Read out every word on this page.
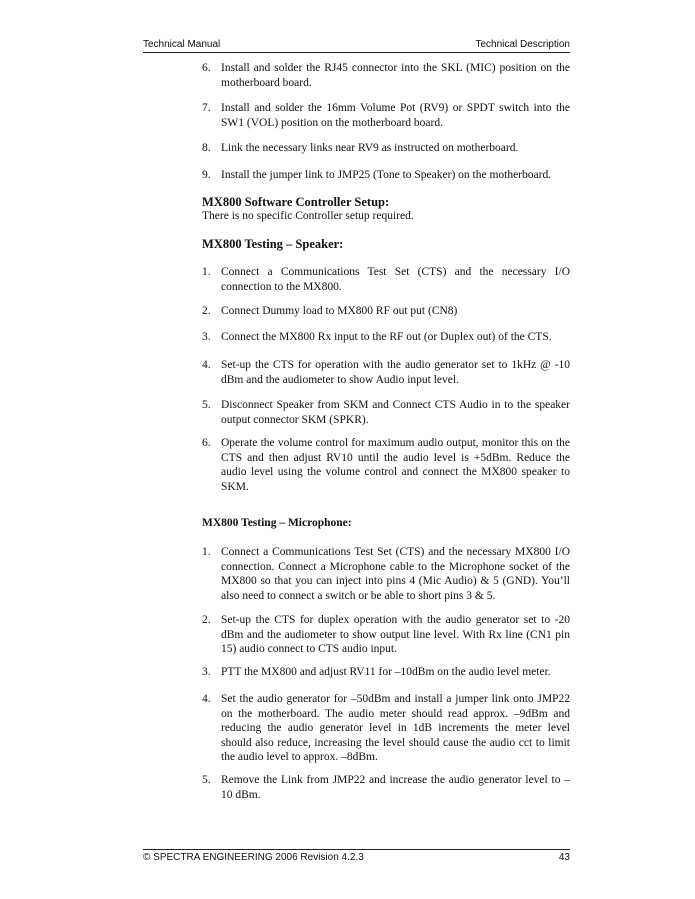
Technical Manual	Technical Description
6. Install and solder the RJ45 connector into the SKL (MIC) position on the motherboard board.
7. Install and solder the 16mm Volume Pot (RV9) or SPDT switch into the SW1 (VOL) position on the motherboard board.
8. Link the necessary links near RV9 as instructed on motherboard.
9. Install the jumper link to JMP25 (Tone to Speaker) on the motherboard.
MX800 Software Controller Setup:
There is no specific Controller setup required.
MX800 Testing – Speaker:
1. Connect a Communications Test Set (CTS) and the necessary I/O connection to the MX800.
2. Connect Dummy load to MX800 RF out put (CN8)
3. Connect the MX800 Rx input to the RF out (or Duplex out) of the CTS.
4. Set-up the CTS for operation with the audio generator set to 1kHz @ -10 dBm and the audiometer to show Audio input level.
5. Disconnect Speaker from SKM and Connect CTS Audio in to the speaker output connector SKM (SPKR).
6. Operate the volume control for maximum audio output, monitor this on the CTS and then adjust RV10 until the audio level is +5dBm. Reduce the audio level using the volume control and connect the MX800 speaker to SKM.
MX800 Testing – Microphone:
1. Connect a Communications Test Set (CTS) and the necessary MX800 I/O connection. Connect a Microphone cable to the Microphone socket of the MX800 so that you can inject into pins 4 (Mic Audio) & 5 (GND). You’ll also need to connect a switch or be able to short pins 3 & 5.
2. Set-up the CTS for duplex operation with the audio generator set to -20 dBm and the audiometer to show output line level. With Rx line (CN1 pin 15) audio connect to CTS audio input.
3. PTT the MX800 and adjust RV11 for –10dBm on the audio level meter.
4. Set the audio generator for –50dBm and install a jumper link onto JMP22 on the motherboard. The audio meter should read approx. –9dBm and reducing the audio generator level in 1dB increments the meter level should also reduce, increasing the level should cause the audio cct to limit the audio level to approx. –8dBm.
5. Remove the Link from JMP22 and increase the audio generator level to –10 dBm.
© SPECTRA ENGINEERING 2006 Revision 4.2.3	43
